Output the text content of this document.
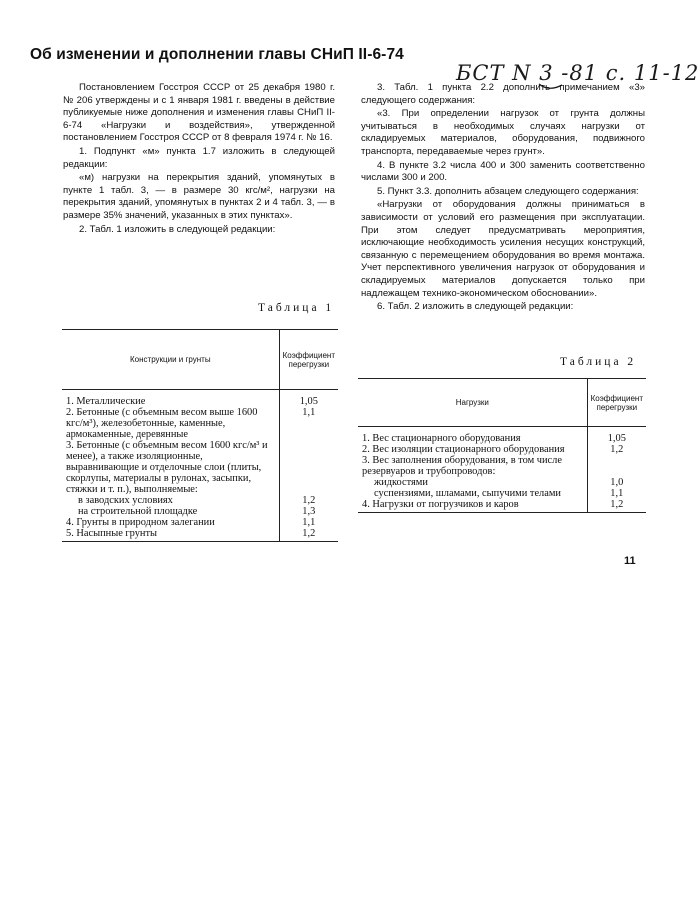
Об изменении и дополнении главы СНиП II-6-74
БСТ N 3 -81 с. 11-12

Постановлением Госстроя СССР от 25 декабря 1980 г. № 206 утверждены и с 1 января 1981 г. введены в действие публикуемые ниже дополнения и изменения главы СНиП II-6-74 «Нагрузки и воздействия», утвержденной постановлением Госстроя СССР от 8 февраля 1974 г. № 16.

1. Подпункт «м» пункта 1.7 изложить в следующей редакции:

«м) нагрузки на перекрытия зданий, упомянутых в пункте 1 табл. 3, — в размере 30 кгс/м², нагрузки на перекрытия зданий, упомянутых в пунктах 2 и 4 табл. 3, — в размере 35% значений, указанных в этих пунктах».

2. Табл. 1 изложить в следующей редакции:

Таблица 1
Конструкции и грунты	Коэффициент перегрузки
1. Металлические	1,05
2. Бетонные (с объемным весом выше 1600 кгс/м³), железобетонные, каменные, армокаменные, деревянные	1,1
3. Бетонные (с объемным весом 1600 кгс/м³ и менее), а также изоляционные, выравнивающие и отделочные слои (плиты, скорлупы, материалы в рулонах, засыпки, стяжки и т. п.), выполняемые:	
в заводских условиях	1,2
на строительной площадке	1,3
4. Грунты в природном залегании	1,1
5. Насыпные грунты	1,2

3. Табл. 1 пункта 2.2 дополнить примечанием «3» следующего содержания:

«3. При определении нагрузок от грунта должны учитываться в необходимых случаях нагрузки от складируемых материалов, оборудования, подвижного транспорта, передаваемые через грунт».

4. В пункте 3.2 числа 400 и 300 заменить соответственно числами 300 и 200.

5. Пункт 3.3. дополнить абзацем следующего содержания:

«Нагрузки от оборудования должны приниматься в зависимости от условий его размещения при эксплуатации. При этом следует предусматривать мероприятия, исключающие необходимость усиления несущих конструкций, связанную с перемещением оборудования во время монтажа. Учет перспективного увеличения нагрузок от оборудования и складируемых материалов допускается только при надлежащем технико-экономическом обосновании».

6. Табл. 2 изложить в следующей редакции:

Таблица 2
Нагрузки	Коэффициент перегрузки
1. Вес стационарного оборудования	1,05
2. Вес изоляции стационарного оборудования	1,2
3. Вес заполнения оборудования, в том числе резервуаров и трубопроводов:	
жидкостями	1,0
суспензиями, шламами, сыпучими телами	1,1
4. Нагрузки от погрузчиков и каров	1,2
11
